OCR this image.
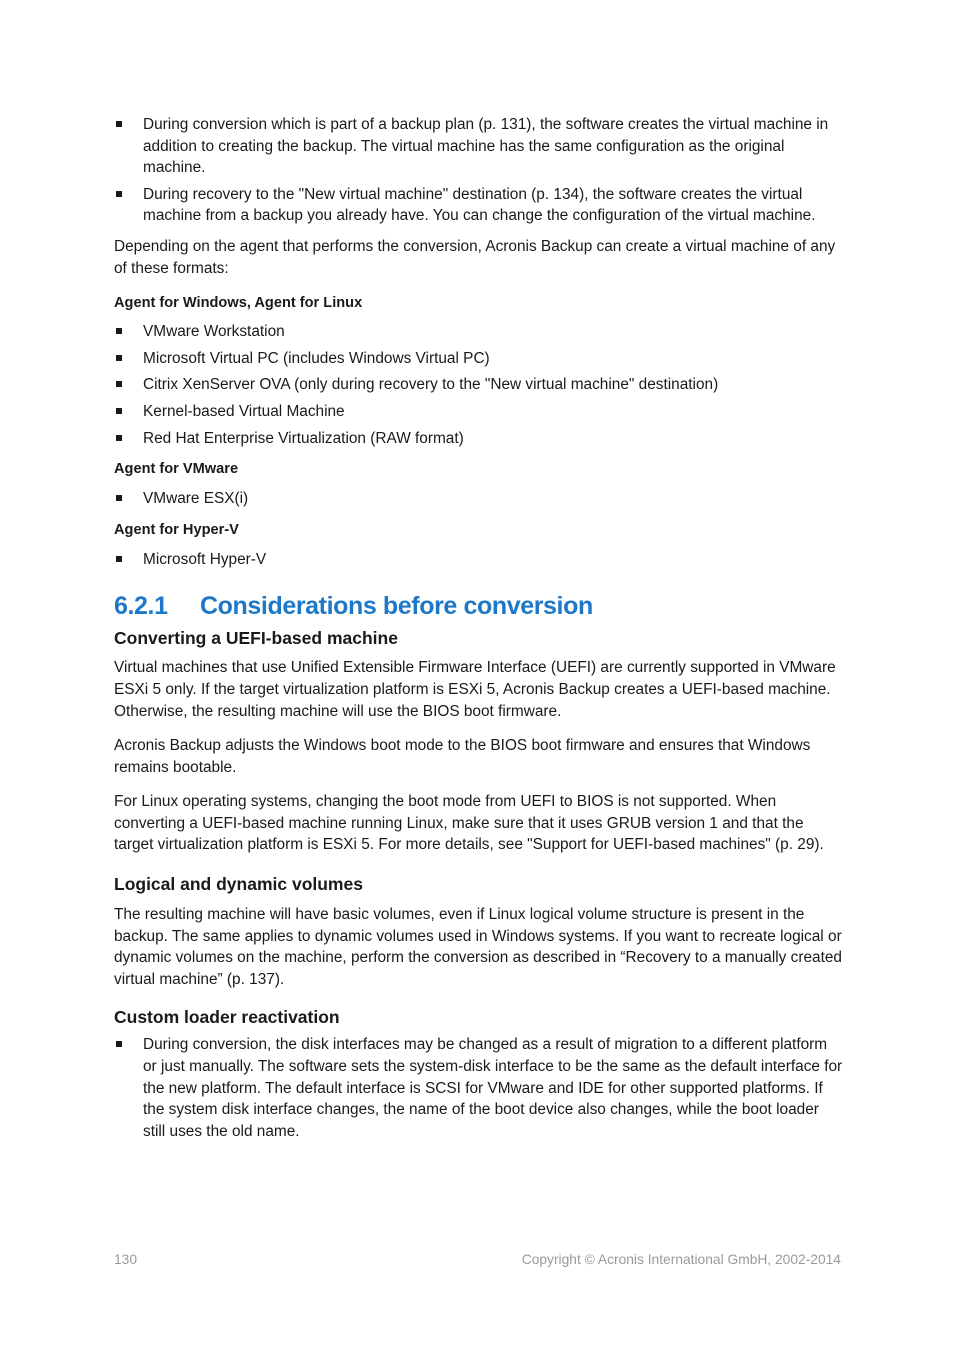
During conversion which is part of a backup plan (p. 131), the software creates the virtual machine in addition to creating the backup. The virtual machine has the same configuration as the original machine.
During recovery to the "New virtual machine" destination (p. 134), the software creates the virtual machine from a backup you already have. You can change the configuration of the virtual machine.

Depending on the agent that performs the conversion, Acronis Backup can create a virtual machine of any of these formats:

Agent for Windows, Agent for Linux

VMware Workstation
Microsoft Virtual PC (includes Windows Virtual PC)
Citrix XenServer OVA (only during recovery to the "New virtual machine" destination)
Kernel-based Virtual Machine
Red Hat Enterprise Virtualization (RAW format)

Agent for VMware

VMware ESX(i)

Agent for Hyper-V

Microsoft Hyper-V
6.2.1 Considerations before conversion
Converting a UEFI-based machine

Virtual machines that use Unified Extensible Firmware Interface (UEFI) are currently supported in VMware ESXi 5 only. If the target virtualization platform is ESXi 5, Acronis Backup creates a UEFI-based machine. Otherwise, the resulting machine will use the BIOS boot firmware.

Acronis Backup adjusts the Windows boot mode to the BIOS boot firmware and ensures that Windows remains bootable.

For Linux operating systems, changing the boot mode from UEFI to BIOS is not supported. When converting a UEFI-based machine running Linux, make sure that it uses GRUB version 1 and that the target virtualization platform is ESXi 5. For more details, see "Support for UEFI-based machines" (p. 29).

Logical and dynamic volumes

The resulting machine will have basic volumes, even if Linux logical volume structure is present in the backup. The same applies to dynamic volumes used in Windows systems. If you want to recreate logical or dynamic volumes on the machine, perform the conversion as described in “Recovery to a manually created virtual machine” (p. 137).

Custom loader reactivation
During conversion, the disk interfaces may be changed as a result of migration to a different platform or just manually. The software sets the system-disk interface to be the same as the default interface for the new platform. The default interface is SCSI for VMware and IDE for other supported platforms. If the system disk interface changes, the name of the boot device also changes, while the boot loader still uses the old name.
130	Copyright © Acronis International GmbH, 2002-2014
